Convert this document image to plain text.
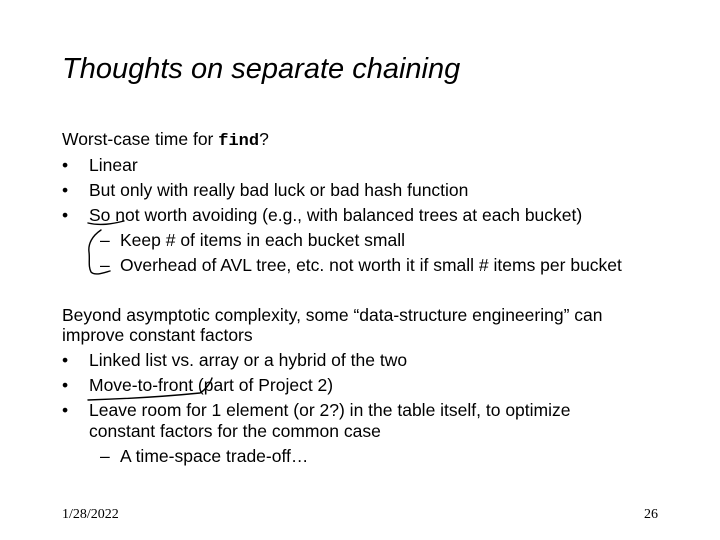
Thoughts on separate chaining
Worst-case time for find?
• Linear
• But only with really bad luck or bad hash function
• So not worth avoiding (e.g., with balanced trees at each bucket)
– Keep # of items in each bucket small
– Overhead of AVL tree, etc. not worth it if small # items per bucket
Beyond asymptotic complexity, some “data-structure engineering” can
improve constant factors
• Linked list vs. array or a hybrid of the two
• Move-to-front (part of Project 2)
• Leave room for 1 element (or 2?) in the table itself, to optimize
constant factors for the common case
– A time-space trade-off…
1/28/2022	26
